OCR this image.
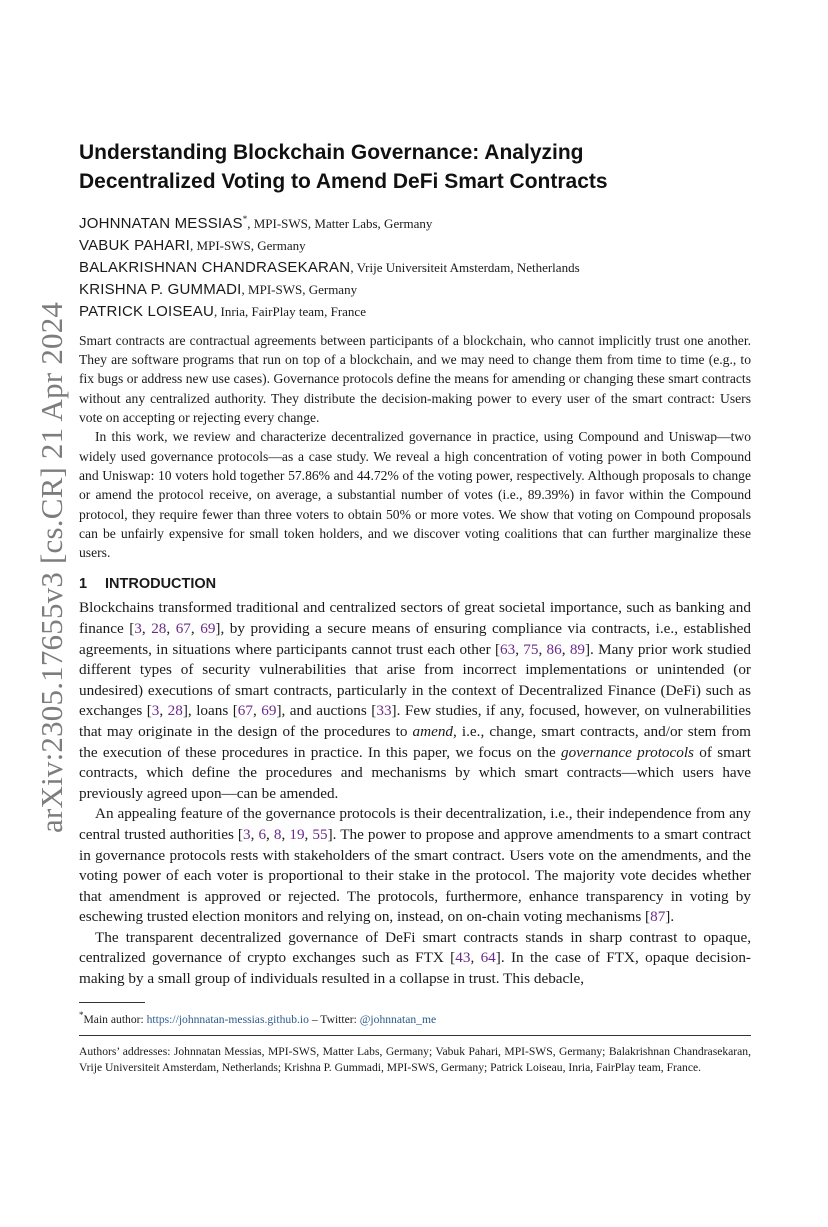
arXiv:2305.17655v3 [cs.CR] 21 Apr 2024
Understanding Blockchain Governance: Analyzing
Decentralized Voting to Amend DeFi Smart Contracts
JOHNNATAN MESSIAS*, MPI-SWS, Matter Labs, Germany
VABUK PAHARI, MPI-SWS, Germany
BALAKRISHNAN CHANDRASEKARAN, Vrije Universiteit Amsterdam, Netherlands
KRISHNA P. GUMMADI, MPI-SWS, Germany
PATRICK LOISEAU, Inria, FairPlay team, France

Smart contracts are contractual agreements between participants of a blockchain, who cannot implicitly trust one another. They are software programs that run on top of a blockchain, and we may need to change them from time to time (e.g., to fix bugs or address new use cases). Governance protocols define the means for amending or changing these smart contracts without any centralized authority. They distribute the decision-making power to every user of the smart contract: Users vote on accepting or rejecting every change.

In this work, we review and characterize decentralized governance in practice, using Compound and Uniswap—two widely used governance protocols—as a case study. We reveal a high concentration of voting power in both Compound and Uniswap: 10 voters hold together 57.86% and 44.72% of the voting power, respectively. Although proposals to change or amend the protocol receive, on average, a substantial number of votes (i.e., 89.39%) in favor within the Compound protocol, they require fewer than three voters to obtain 50% or more votes. We show that voting on Compound proposals can be unfairly expensive for small token holders, and we discover voting coalitions that can further marginalize these users.

1 INTRODUCTION

Blockchains transformed traditional and centralized sectors of great societal importance, such as banking and finance [3, 28, 67, 69], by providing a secure means of ensuring compliance via contracts, i.e., established agreements, in situations where participants cannot trust each other [63, 75, 86, 89]. Many prior work studied different types of security vulnerabilities that arise from incorrect implementations or unintended (or undesired) executions of smart contracts, particularly in the context of Decentralized Finance (DeFi) such as exchanges [3, 28], loans [67, 69], and auctions [33]. Few studies, if any, focused, however, on vulnerabilities that may originate in the design of the procedures to amend, i.e., change, smart contracts, and/or stem from the execution of these procedures in practice. In this paper, we focus on the governance protocols of smart contracts, which define the procedures and mechanisms by which smart contracts—which users have previously agreed upon—can be amended.

An appealing feature of the governance protocols is their decentralization, i.e., their independence from any central trusted authorities [3, 6, 8, 19, 55]. The power to propose and approve amendments to a smart contract in governance protocols rests with stakeholders of the smart contract. Users vote on the amendments, and the voting power of each voter is proportional to their stake in the protocol. The majority vote decides whether that amendment is approved or rejected. The protocols, furthermore, enhance transparency in voting by eschewing trusted election monitors and relying on, instead, on on-chain voting mechanisms [87].

The transparent decentralized governance of DeFi smart contracts stands in sharp contrast to opaque, centralized governance of crypto exchanges such as FTX [43, 64]. In the case of FTX, opaque decision-making by a small group of individuals resulted in a collapse in trust. This debacle,

*Main author: https://johnnatan-messias.github.io – Twitter: @johnnatan_me
Authors’ addresses: Johnnatan Messias, MPI-SWS, Matter Labs, Germany; Vabuk Pahari, MPI-SWS, Germany; Balakrishnan Chandrasekaran, Vrije Universiteit Amsterdam, Netherlands; Krishna P. Gummadi, MPI-SWS, Germany; Patrick Loiseau, Inria, FairPlay team, France.
